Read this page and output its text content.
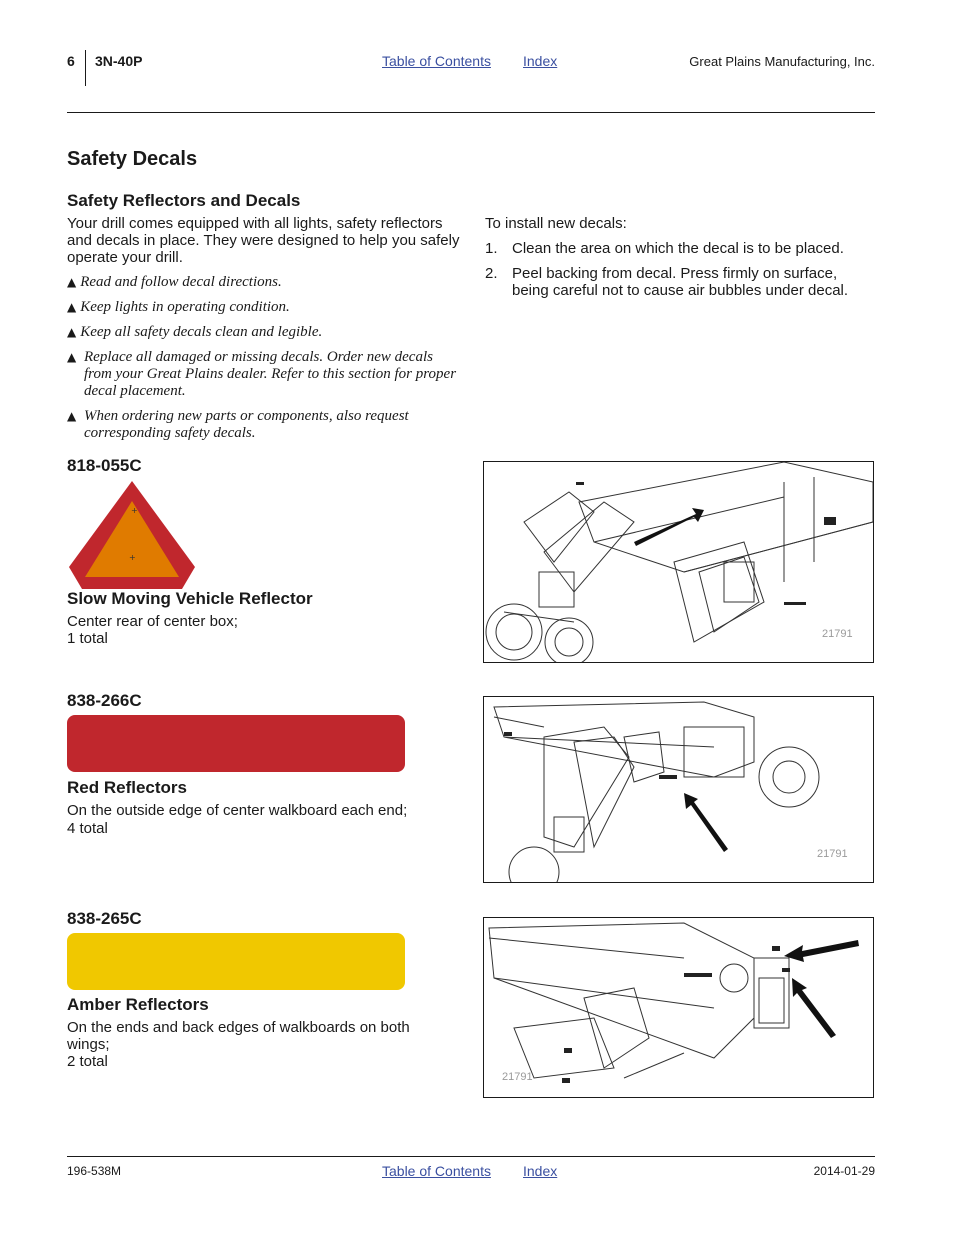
6 3N-40P	Table of Contents Index	Great Plains Manufacturing, Inc.
Safety Decals
Safety Reflectors and Decals
Your drill comes equipped with all lights, safety reflectors and decals in place. They were designed to help you safely operate your drill.
▲ Read and follow decal directions.
▲ Keep lights in operating condition.
▲ Keep all safety decals clean and legible.
▲ Replace all damaged or missing decals. Order new decals from your Great Plains dealer. Refer to this section for proper decal placement.
▲ When ordering new parts or components, also request corresponding safety decals.
To install new decals:
1. Clean the area on which the decal is to be placed.
2. Peel backing from decal. Press firmly on surface, being careful not to cause air bubbles under decal.
818-055C
+
+
Slow Moving Vehicle Reflector
Center rear of center box;
1 total	21791
838-266C
Red Reflectors
On the outside edge of center walkboard each end;
4 total
21791
838-265C
Amber Reflectors
On the ends and back edges of walkboards on both wings;
2 total
21791
196-538M	Table of Contents Index	2014-01-29
